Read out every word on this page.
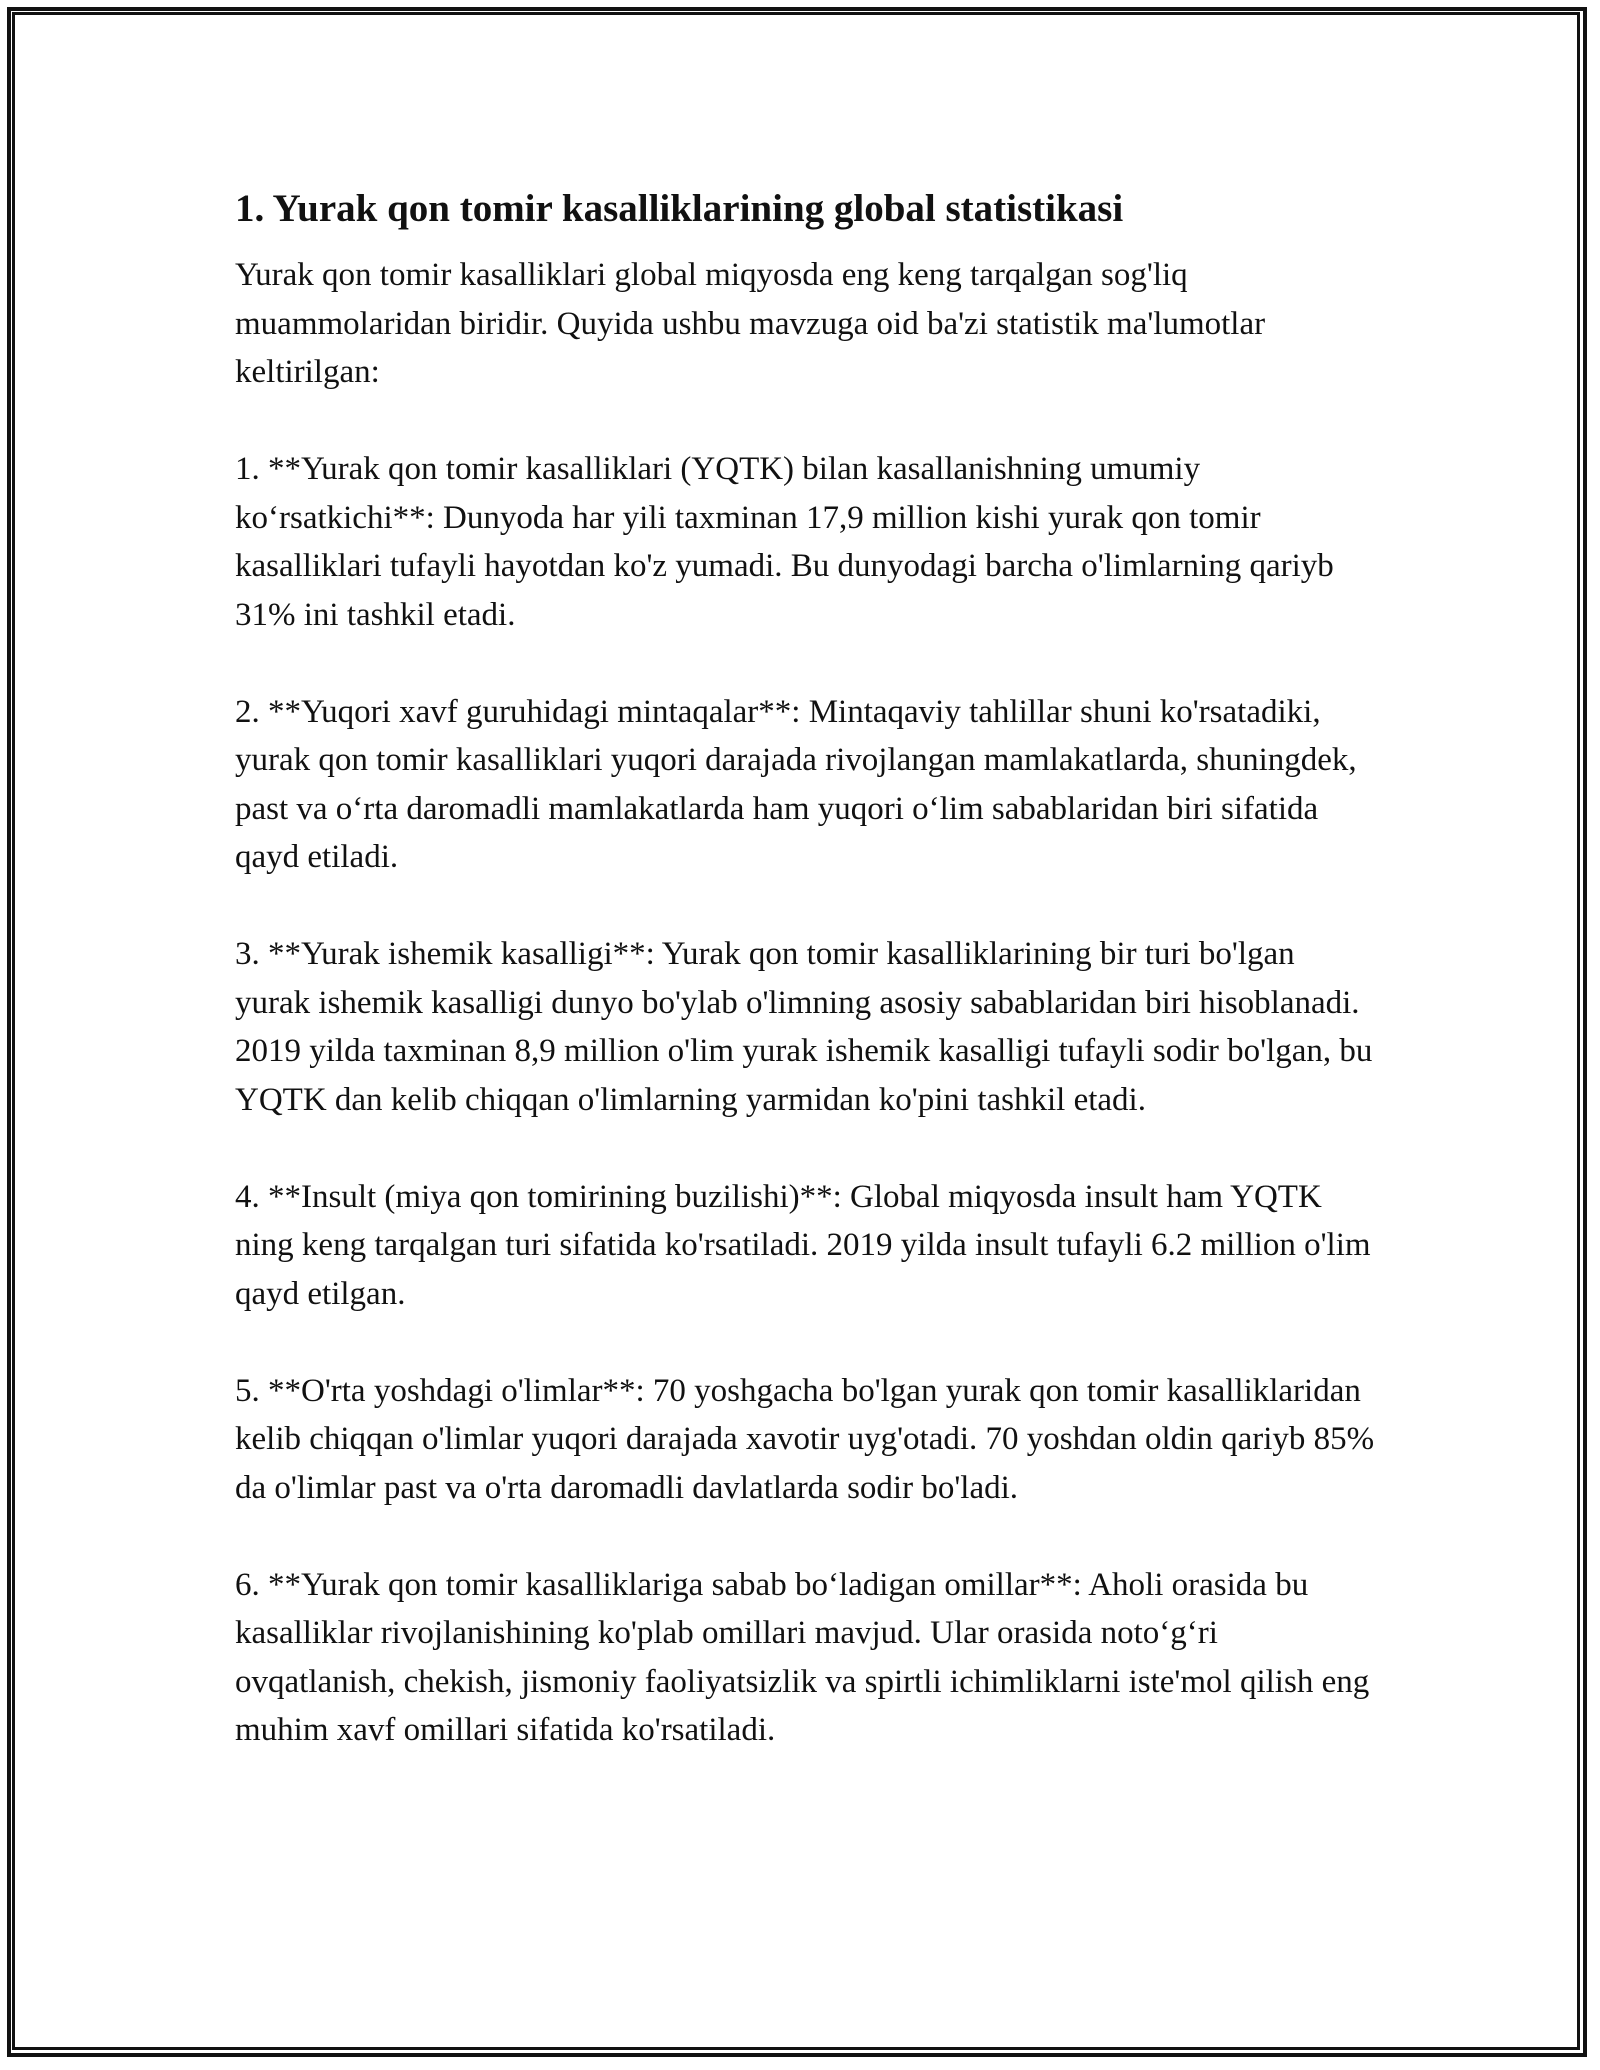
1. Yurak qon tomir kasalliklarining global statistikasi

Yurak qon tomir kasalliklari global miqyosda eng keng tarqalgan sog'liq muammolaridan biridir. Quyida ushbu mavzuga oid ba'zi statistik ma'lumotlar keltirilgan:

1. **Yurak qon tomir kasalliklari (YQTK) bilan kasallanishning umumiy koʻrsatkichi**: Dunyoda har yili taxminan 17,9 million kishi yurak qon tomir kasalliklari tufayli hayotdan ko'z yumadi. Bu dunyodagi barcha o'limlarning qariyb 31% ini tashkil etadi.

2. **Yuqori xavf guruhidagi mintaqalar**: Mintaqaviy tahlillar shuni ko'rsatadiki, yurak qon tomir kasalliklari yuqori darajada rivojlangan mamlakatlarda, shuningdek, past va oʻrta daromadli mamlakatlarda ham yuqori oʻlim sabablaridan biri sifatida qayd etiladi.

3. **Yurak ishemik kasalligi**: Yurak qon tomir kasalliklarining bir turi bo'lgan yurak ishemik kasalligi dunyo bo'ylab o'limning asosiy sabablaridan biri hisoblanadi. 2019 yilda taxminan 8,9 million o'lim yurak ishemik kasalligi tufayli sodir bo'lgan, bu YQTK dan kelib chiqqan o'limlarning yarmidan ko'pini tashkil etadi.

4. **Insult (miya qon tomirining buzilishi)**: Global miqyosda insult ham YQTK ning keng tarqalgan turi sifatida ko'rsatiladi. 2019 yilda insult tufayli 6.2 million o'lim qayd etilgan.

5. **O'rta yoshdagi o'limlar**: 70 yoshgacha bo'lgan yurak qon tomir kasalliklaridan kelib chiqqan o'limlar yuqori darajada xavotir uyg'otadi. 70 yoshdan oldin qariyb 85% da o'limlar past va o'rta daromadli davlatlarda sodir bo'ladi.

6. **Yurak qon tomir kasalliklariga sabab boʻladigan omillar**: Aholi orasida bu kasalliklar rivojlanishining ko'plab omillari mavjud. Ular orasida notoʻgʻri ovqatlanish, chekish, jismoniy faoliyatsizlik va spirtli ichimliklarni iste'mol qilish eng muhim xavf omillari sifatida ko'rsatiladi.
